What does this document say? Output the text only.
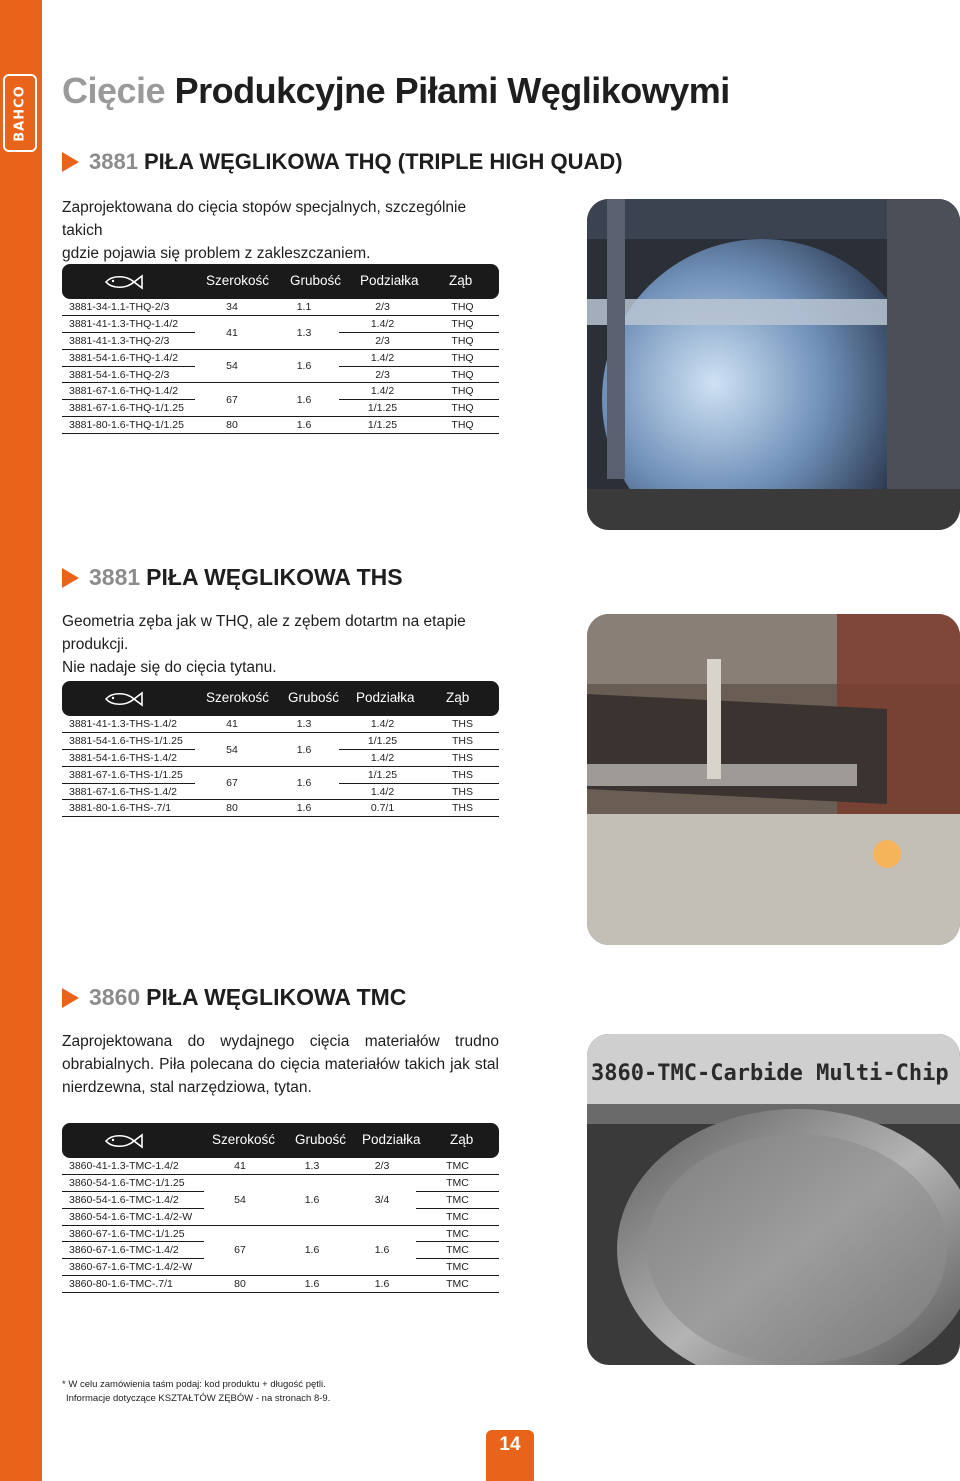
BAHCO Cięcie Produkcyjne Piłami Węglikowymi
3881 PIŁA WĘGLIKOWA THQ (TRIPLE HIGH QUAD)
Zaprojektowana do cięcia stopów specjalnych, szczególnie takich
gdzie pojawia się problem z zakleszczaniem.
Szerokość Grubość Podziałka Ząb
3881-34-1.1-THQ-2/3	34	1.1	2/3	THQ
3881-41-1.3-THQ-1.4/2	41	1.3	1.4/2	THQ
3881-41-1.3-THQ-2/3			2/3	THQ
3881-54-1.6-THQ-1.4/2	54	1.6	1.4/2	THQ
3881-54-1.6-THQ-2/3			2/3	THQ
3881-67-1.6-THQ-1.4/2	67	1.6	1.4/2	THQ
3881-67-1.6-THQ-1/1.25			1/1.25	THQ
3881-80-1.6-THQ-1/1.25	80	1.6	1/1.25	THQ
3881 PIŁA WĘGLIKOWA THS
Geometria zęba jak w THQ, ale z zębem dotartm na etapie produkcji.
Nie nadaje się do cięcia tytanu.
Szerokość Grubość Podziałka Ząb
3881-41-1.3-THS-1.4/2	41	1.3	1.4/2	THS
3881-54-1.6-THS-1/1.25	54	1.6	1/1.25	THS
3881-54-1.6-THS-1.4/2			1.4/2	THS
3881-67-1.6-THS-1/1.25	67	1.6	1/1.25	THS
3881-67-1.6-THS-1.4/2			1.4/2	THS
3881-80-1.6-THS-.7/1	80	1.6	0.7/1	THS
3860 PIŁA WĘGLIKOWA TMC
Zaprojektowana do wydajnego cięcia materiałów trudno
obrabialnych. Piła polecana do cięcia materiałów takich jak stal
nierdzewna, stal narzędziowa, tytan.
Szerokość Grubość Podziałka Ząb
3860-41-1.3-TMC-1.4/2	41	1.3	2/3	TMC
3860-54-1.6-TMC-1/1.25	54	1.6	3/4	TMC
3860-54-1.6-TMC-1.4/2				TMC
3860-54-1.6-TMC-1.4/2-W				TMC
3860-67-1.6-TMC-1/1.25	67	1.6	1.6	TMC
3860-67-1.6-TMC-1.4/2				TMC
3860-67-1.6-TMC-1.4/2-W				TMC
3860-80-1.6-TMC-.7/1	80	1.6	1.6	TMC
3860-TMC-Carbide Multi-Chip
* W celu zamówienia taśm podaj: kod produktu + długość pętli.
Informacje dotyczące KSZTAŁTÓW ZĘBÓW - na stronach 8-9.
14
